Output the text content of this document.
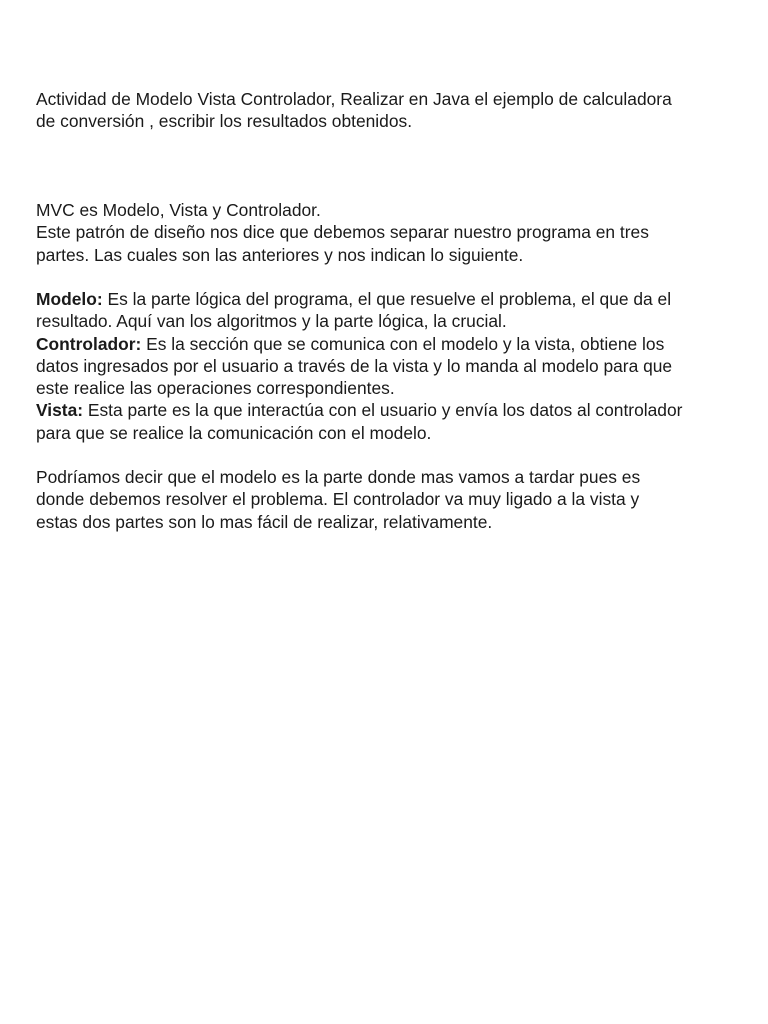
Actividad de Modelo Vista Controlador, Realizar en Java el ejemplo de calculadora
de conversión , escribir los resultados obtenidos.

MVC es Modelo, Vista y Controlador.
Este patrón de diseño nos dice que debemos separar nuestro programa en tres
partes. Las cuales son las anteriores y nos indican lo siguiente.

Modelo: Es la parte lógica del programa, el que resuelve el problema, el que da el
resultado. Aquí van los algoritmos y la parte lógica, la crucial.
Controlador: Es la sección que se comunica con el modelo y la vista, obtiene los
datos ingresados por el usuario a través de la vista y lo manda al modelo para que
este realice las operaciones correspondientes.
Vista: Esta parte es la que interactúa con el usuario y envía los datos al controlador
para que se realice la comunicación con el modelo.

Podríamos decir que el modelo es la parte donde mas vamos a tardar pues es
donde debemos resolver el problema. El controlador va muy ligado a la vista y
estas dos partes son lo mas fácil de realizar, relativamente.
